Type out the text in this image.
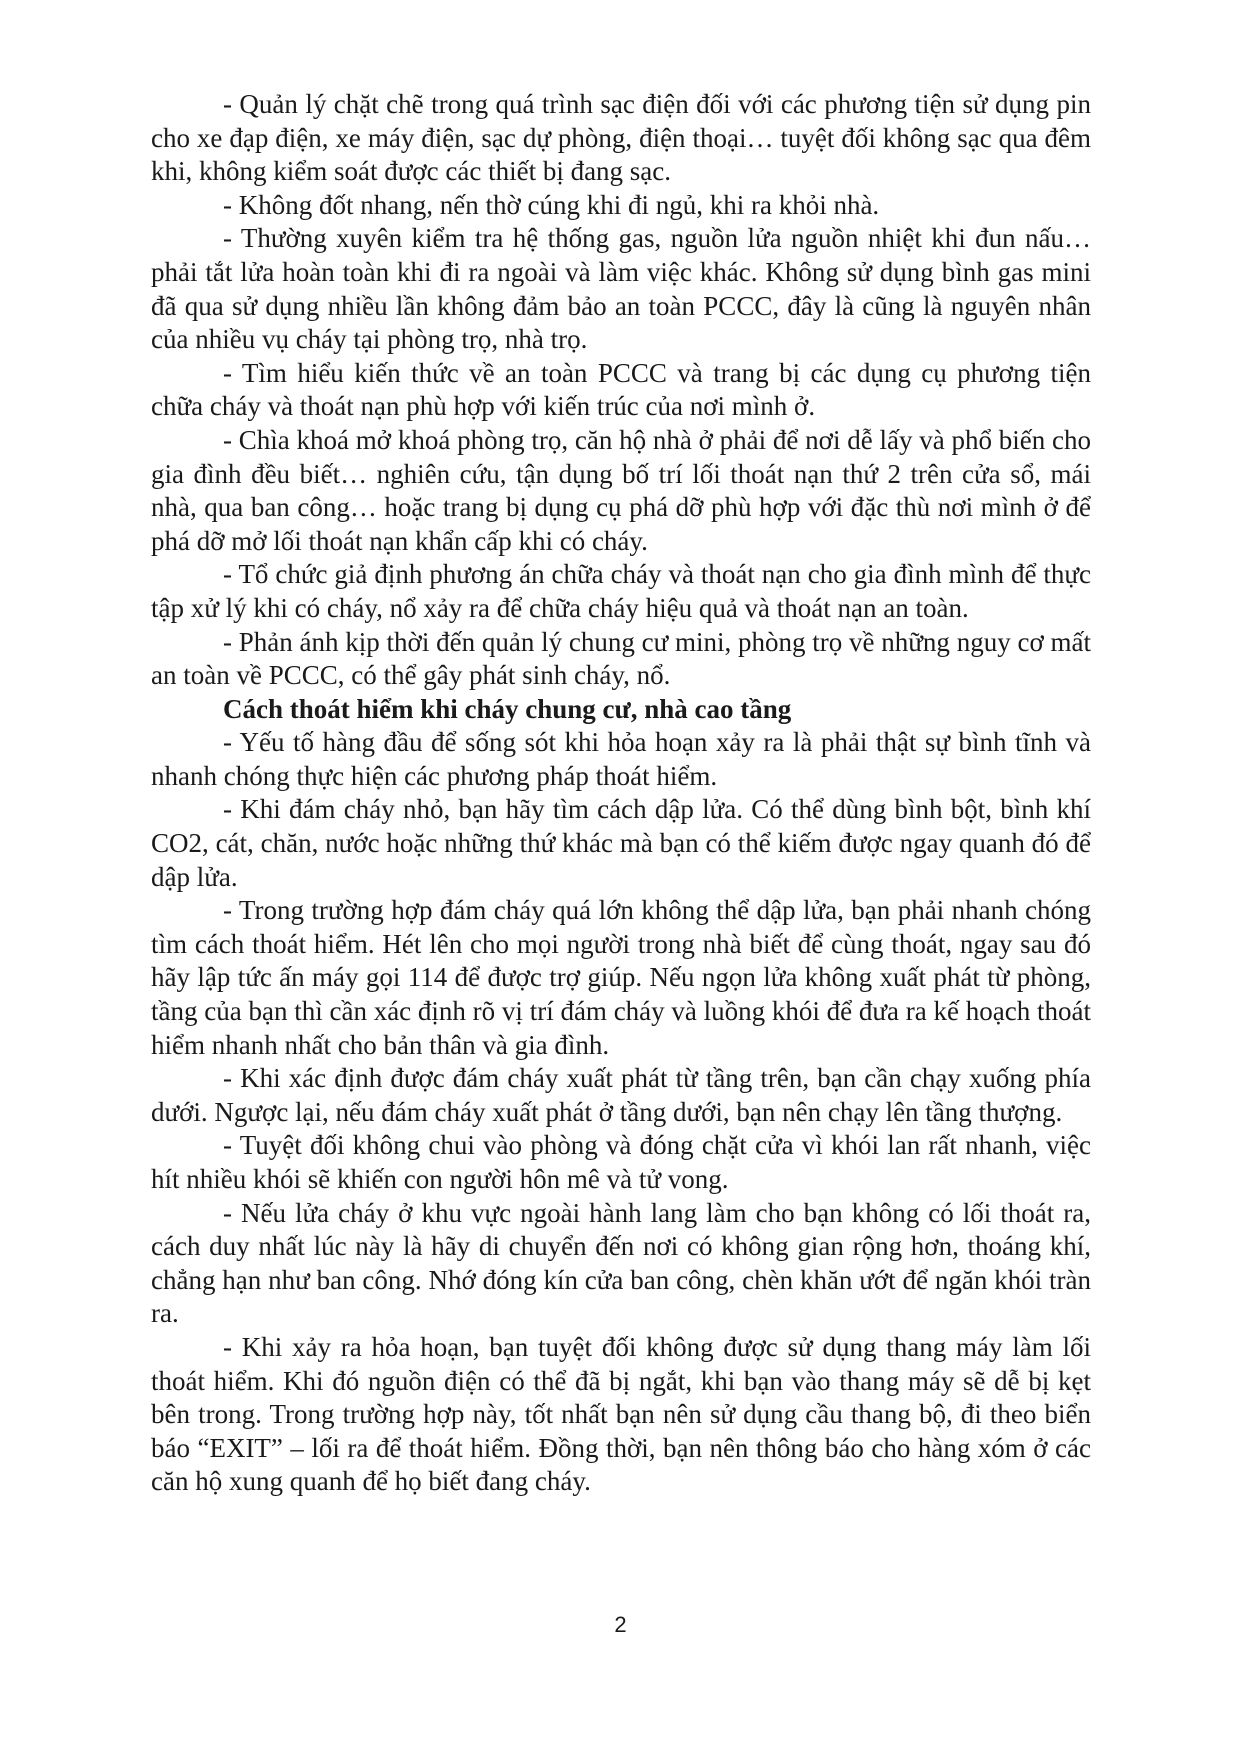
- Quản lý chặt chẽ trong quá trình sạc điện đối với các phương tiện sử dụng pin cho xe đạp điện, xe máy điện, sạc dự phòng, điện thoại… tuyệt đối không sạc qua đêm khi, không kiểm soát được các thiết bị đang sạc.

- Không đốt nhang, nến thờ cúng khi đi ngủ, khi ra khỏi nhà.

- Thường xuyên kiểm tra hệ thống gas, nguồn lửa nguồn nhiệt khi đun nấu… phải tắt lửa hoàn toàn khi đi ra ngoài và làm việc khác. Không sử dụng bình gas mini đã qua sử dụng nhiều lần không đảm bảo an toàn PCCC, đây là cũng là nguyên nhân của nhiều vụ cháy tại phòng trọ, nhà trọ.

- Tìm hiểu kiến thức về an toàn PCCC và trang bị các dụng cụ phương tiện chữa cháy và thoát nạn phù hợp với kiến trúc của nơi mình ở.

- Chìa khoá mở khoá phòng trọ, căn hộ nhà ở phải để nơi dễ lấy và phổ biến cho gia đình đều biết… nghiên cứu, tận dụng bố trí lối thoát nạn thứ 2 trên cửa sổ, mái nhà, qua ban công… hoặc trang bị dụng cụ phá dỡ phù hợp với đặc thù nơi mình ở để phá dỡ mở lối thoát nạn khẩn cấp khi có cháy.

- Tổ chức giả định phương án chữa cháy và thoát nạn cho gia đình mình để thực tập xử lý khi có cháy, nổ xảy ra để chữa cháy hiệu quả và thoát nạn an toàn.

- Phản ánh kịp thời đến quản lý chung cư mini, phòng trọ về những nguy cơ mất an toàn về PCCC, có thể gây phát sinh cháy, nổ.

Cách thoát hiểm khi cháy chung cư, nhà cao tầng

- Yếu tố hàng đầu để sống sót khi hỏa hoạn xảy ra là phải thật sự bình tĩnh và nhanh chóng thực hiện các phương pháp thoát hiểm.

- Khi đám cháy nhỏ, bạn hãy tìm cách dập lửa. Có thể dùng bình bột, bình khí CO2, cát, chăn, nước hoặc những thứ khác mà bạn có thể kiếm được ngay quanh đó để dập lửa.

- Trong trường hợp đám cháy quá lớn không thể dập lửa, bạn phải nhanh chóng tìm cách thoát hiểm. Hét lên cho mọi người trong nhà biết để cùng thoát, ngay sau đó hãy lập tức ấn máy gọi 114 để được trợ giúp. Nếu ngọn lửa không xuất phát từ phòng, tầng của bạn thì cần xác định rõ vị trí đám cháy và luồng khói để đưa ra kế hoạch thoát hiểm nhanh nhất cho bản thân và gia đình.

- Khi xác định được đám cháy xuất phát từ tầng trên, bạn cần chạy xuống phía dưới. Ngược lại, nếu đám cháy xuất phát ở tầng dưới, bạn nên chạy lên tầng thượng.

- Tuyệt đối không chui vào phòng và đóng chặt cửa vì khói lan rất nhanh, việc hít nhiều khói sẽ khiến con người hôn mê và tử vong.

- Nếu lửa cháy ở khu vực ngoài hành lang làm cho bạn không có lối thoát ra, cách duy nhất lúc này là hãy di chuyển đến nơi có không gian rộng hơn, thoáng khí, chẳng hạn như ban công. Nhớ đóng kín cửa ban công, chèn khăn ướt để ngăn khói tràn ra.

- Khi xảy ra hỏa hoạn, bạn tuyệt đối không được sử dụng thang máy làm lối thoát hiểm. Khi đó nguồn điện có thể đã bị ngắt, khi bạn vào thang máy sẽ dễ bị kẹt bên trong. Trong trường hợp này, tốt nhất bạn nên sử dụng cầu thang bộ, đi theo biển báo “EXIT” – lối ra để thoát hiểm. Đồng thời, bạn nên thông báo cho hàng xóm ở các căn hộ xung quanh để họ biết đang cháy.

2
